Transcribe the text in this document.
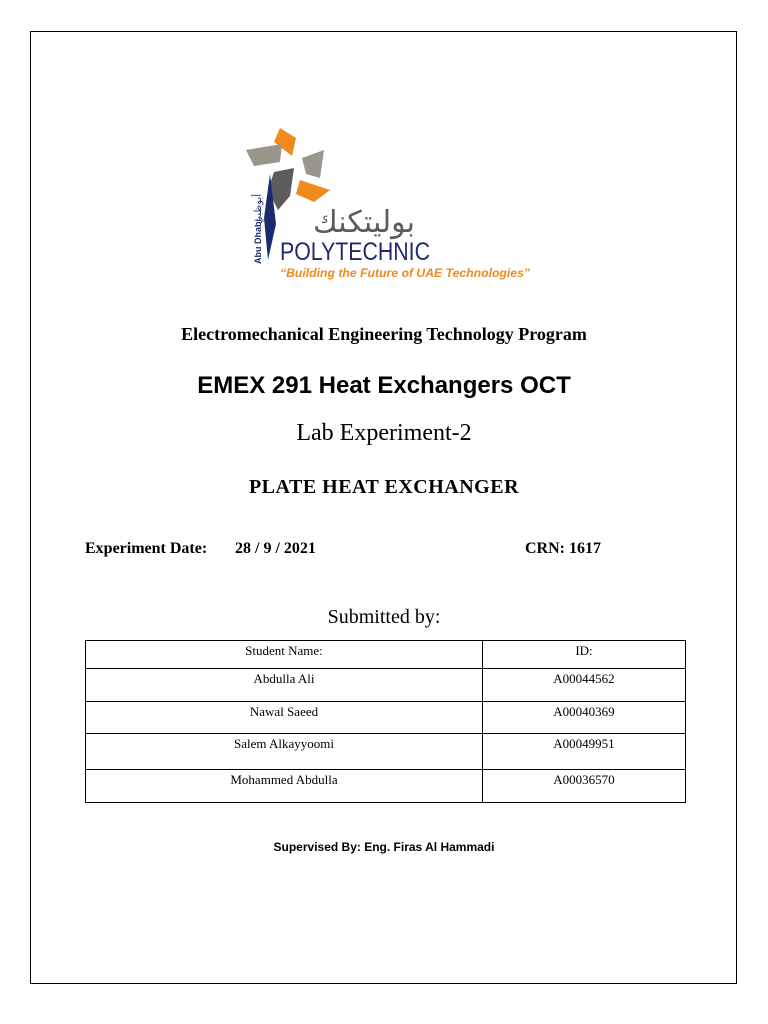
أبوظبي
Abu Dhabi بوليتكنك
POLYTECHNIC
“Building the Future of UAE Technologies”
Electromechanical Engineering Technology Program
EMEX 291 Heat Exchangers OCT
Lab Experiment-2
PLATE HEAT EXCHANGER
Experiment Date: 28 / 9 / 2021	CRN: 1617
Submitted by:
Student Name:	ID:
Abdulla Ali	A00044562
Nawal Saeed	A00040369
Salem Alkayyoomi	A00049951
Mohammed Abdulla	A00036570
Supervised By: Eng. Firas Al Hammadi
